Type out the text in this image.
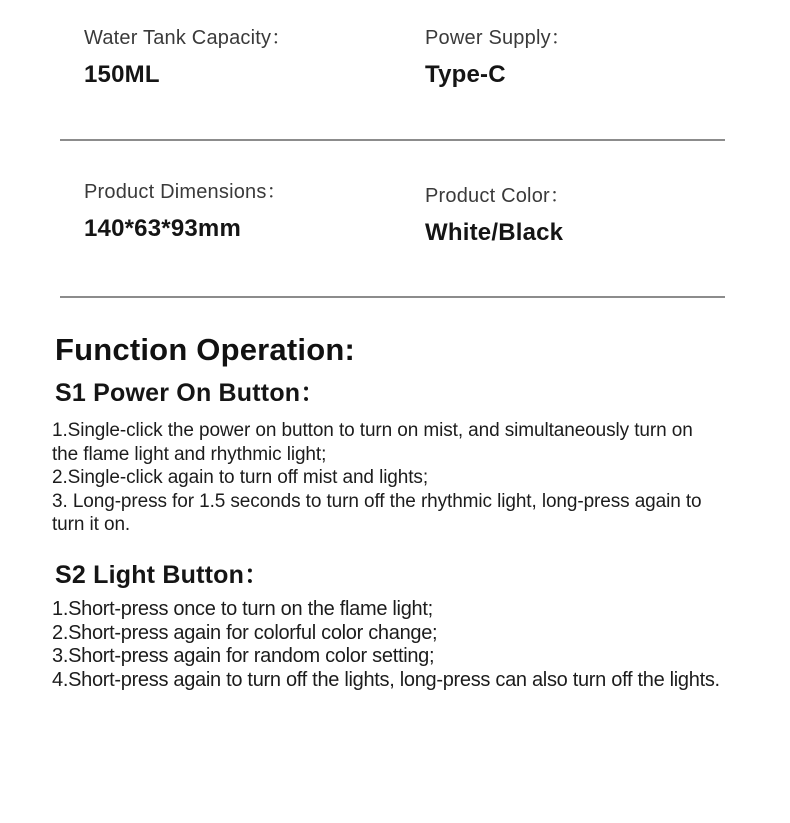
Water Tank Capacity：
150ML
Power Supply：
Type-C
Product Dimensions：
140*63*93mm
Product Color：
White/Black
Function Operation:
S1 Power On Button：
1.Single-click the power on button to turn on mist, and simultaneously turn on the flame light and rhythmic light;
2.Single-click again to turn off mist and lights;
3. Long-press for 1.5 seconds to turn off the rhythmic light, long-press again to turn it on.
S2 Light Button：
1.Short-press once to turn on the flame light;
2.Short-press again for colorful color change;
3.Short-press again for random color setting;
4.Short-press again to turn off the lights, long-press can also turn off the lights.
